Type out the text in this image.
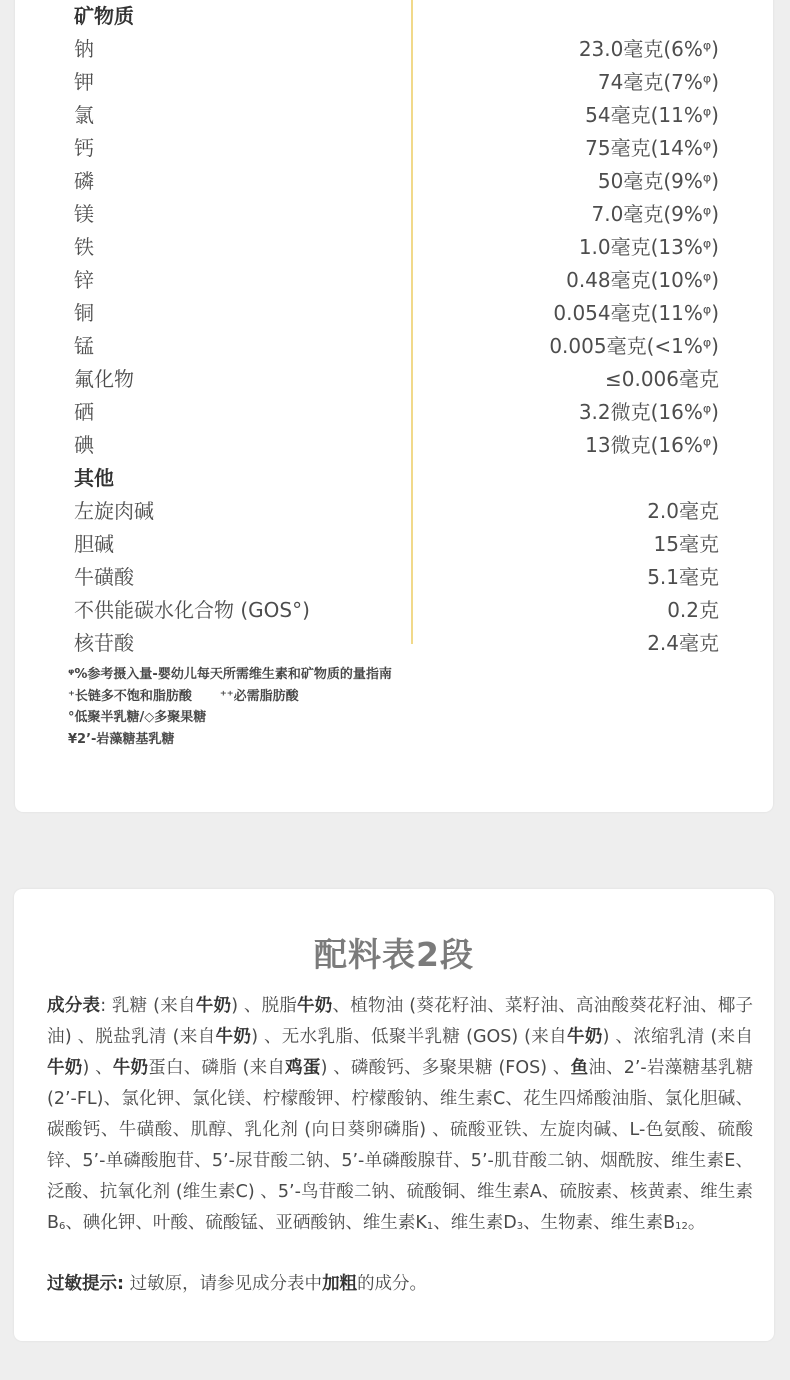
矿物质
钠	23.0毫克(6%ᵠ)
钾	74毫克(7%ᵠ)
氯	54毫克(11%ᵠ)
钙	75毫克(14%ᵠ)
磷	50毫克(9%ᵠ)
镁	7.0毫克(9%ᵠ)
铁	1.0毫克(13%ᵠ)
锌	0.48毫克(10%ᵠ)
铜	0.054毫克(11%ᵠ)
锰	0.005毫克(<1%ᵠ)
氟化物	≤0.006毫克
硒	3.2微克(16%ᵠ)
碘	13微克(16%ᵠ)
其他
左旋肉碱	2.0毫克
胆碱	15毫克
牛磺酸	5.1毫克
不供能碳水化合物 (GOS°)	0.2克
核苷酸	2.4毫克
ᵠ%参考摄入量-婴幼儿每天所需维生素和矿物质的量指南
⁺长链多不饱和脂肪酸 ⁺⁺必需脂肪酸
°低聚半乳糖/◇多聚果糖
¥2’-岩藻糖基乳糖
配料表2段
成分表: 乳糖 (来自牛奶) 、脱脂牛奶、植物油 (葵花籽油、菜籽油、高油酸葵花籽油、椰子油) 、脱盐乳清 (来自牛奶) 、无水乳脂、低聚半乳糖 (GOS) (来自牛奶) 、浓缩乳清 (来自牛奶) 、牛奶蛋白、磷脂 (来自鸡蛋) 、磷酸钙、多聚果糖 (FOS) 、鱼油、2’-岩藻糖基乳糖 (2’-FL)、氯化钾、氯化镁、柠檬酸钾、柠檬酸钠、维生素C、花生四烯酸油脂、氯化胆碱、碳酸钙、牛磺酸、肌醇、乳化剂 (向日葵卵磷脂) 、硫酸亚铁、左旋肉碱、L-色氨酸、硫酸锌、5’-单磷酸胞苷、5’-尿苷酸二钠、5’-单磷酸腺苷、5’-肌苷酸二钠、烟酰胺、维生素E、泛酸、抗氧化剂 (维生素C) 、5’-鸟苷酸二钠、硫酸铜、维生素A、硫胺素、核黄素、维生素$B_6$、碘化钾、叶酸、硫酸锰、亚硒酸钠、维生素$K_1$、维生素$D_3$、生物素、维生素$B_{12}$。
过敏提示: 过敏原，请参见成分表中加粗的成分。
